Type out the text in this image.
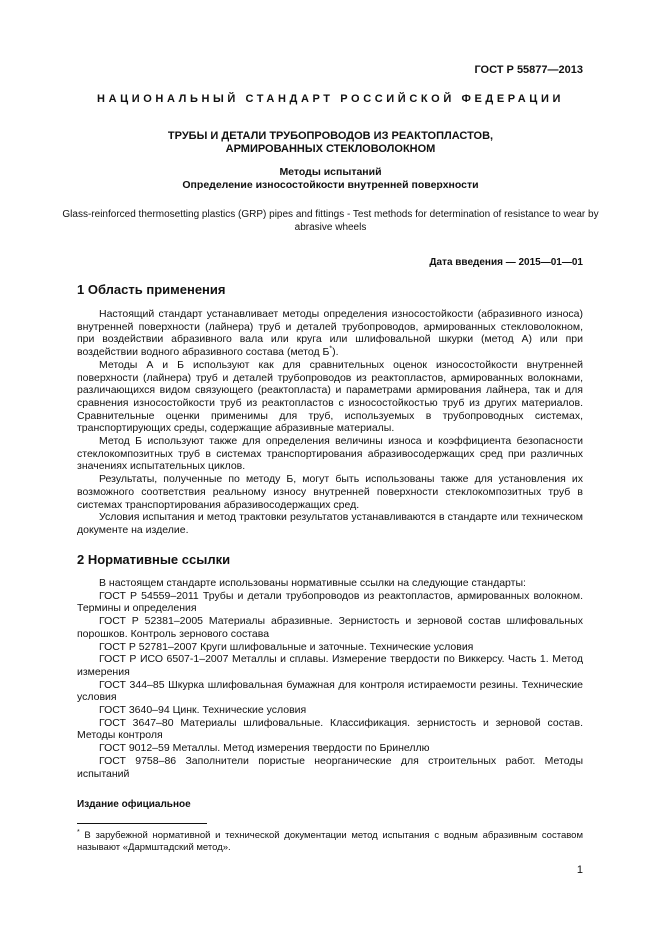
ГОСТ Р 55877—2013
НАЦИОНАЛЬНЫЙ СТАНДАРТ РОССИЙСКОЙ ФЕДЕРАЦИИ
ТРУБЫ И ДЕТАЛИ ТРУБОПРОВОДОВ ИЗ РЕАКТОПЛАСТОВ,
АРМИРОВАННЫХ СТЕКЛОВОЛОКНОМ
Методы испытаний
Определение износостойкости внутренней поверхности
Glass-reinforced thermosetting plastics (GRP) pipes and fittings - Test methods for determination of resistance to wear by abrasive wheels
Дата введения — 2015—01—01
1 Область применения

Настоящий стандарт устанавливает методы определения износостойкости (абразивного износа) внутренней поверхности (лайнера) труб и деталей трубопроводов, армированных стекловолокном, при воздействии абразивного вала или круга или шлифовальной шкурки (метод А) или при воздействии водного абразивного состава (метод Б*).

Методы А и Б используют как для сравнительных оценок износостойкости внутренней поверхности (лайнера) труб и деталей трубопроводов из реактопластов, армированных волокнами, различающихся видом связующего (реактопласта) и параметрами армирования лайнера, так и для сравнения износостойкости труб из реактопластов с износостойкостью труб из других материалов. Сравнительные оценки применимы для труб, используемых в трубопроводных системах, транспортирующих среды, содержащие абразивные материалы.

Метод Б используют также для определения величины износа и коэффициента безопасности стеклокомпозитных труб в системах транспортирования абразивосодержащих сред при различных значениях испытательных циклов.

Результаты, полученные по методу Б, могут быть использованы также для установления их возможного соответствия реальному износу внутренней поверхности стеклокомпозитных труб в системах транспортирования абразивосодержащих сред.

Условия испытания и метод трактовки результатов устанавливаются в стандарте или техническом документе на изделие.

2 Нормативные ссылки
В настоящем стандарте использованы нормативные ссылки на следующие стандарты:
ГОСТ Р 54559–2011 Трубы и детали трубопроводов из реактопластов, армированных волокном. Термины и определения
ГОСТ Р 52381–2005 Материалы абразивные. Зернистость и зерновой состав шлифовальных порошков. Контроль зернового состава
ГОСТ Р 52781–2007 Круги шлифовальные и заточные. Технические условия
ГОСТ Р ИСО 6507-1–2007 Металлы и сплавы. Измерение твердости по Виккерсу. Часть 1. Метод измерения
ГОСТ 344–85 Шкурка шлифовальная бумажная для контроля истираемости резины. Технические условия
ГОСТ 3640–94 Цинк. Технические условия
ГОСТ 3647–80 Материалы шлифовальные. Классификация. зернистость и зерновой состав. Методы контроля
ГОСТ 9012–59 Металлы. Метод измерения твердости по Бринеллю
ГОСТ 9758–86 Заполнители пористые неорганические для строительных работ. Методы испытаний
Издание официальное
* В зарубежной нормативной и технической документации метод испытания с водным абразивным составом называют «Дармштадский метод».
1
